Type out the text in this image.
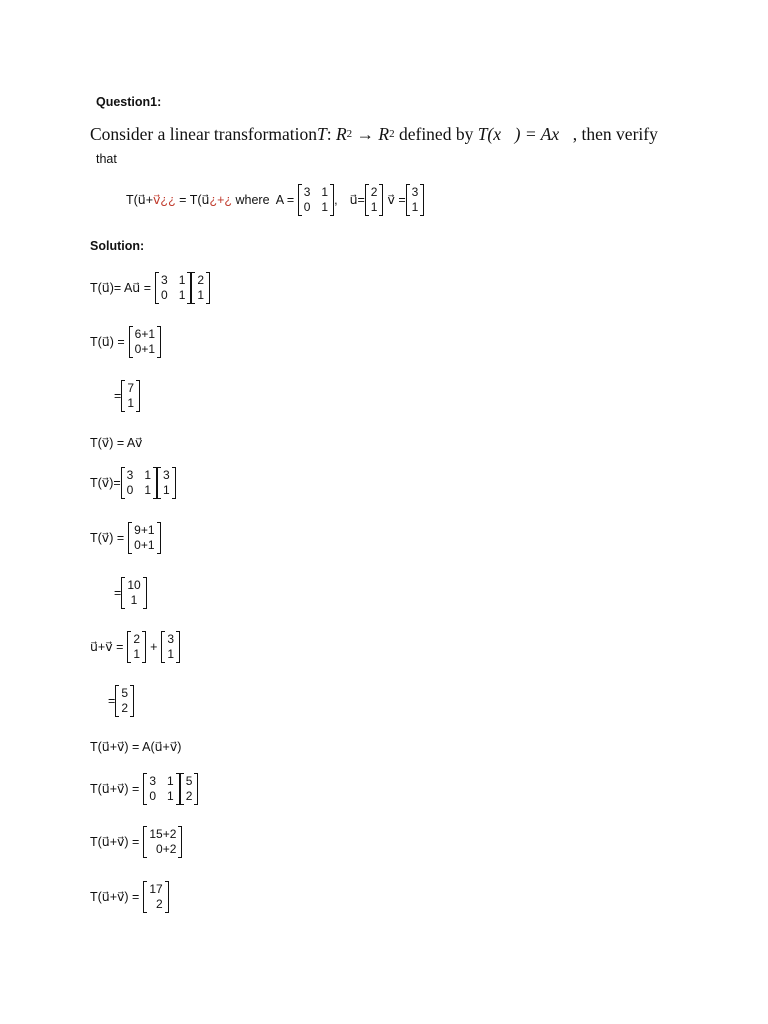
Question1:
Consider a linear transformation T : R 2 → R 2 defined by T(x⃗) = Ax⃗ , then verify
that
T(u⃗+ v⃗¿¿ = T(u⃗ ¿+¿ where  A =
3 1
0 1
, u⃗=
2
1
v⃗ =
3
1
Solution:
T(u⃗)= Au⃗ =
3 1
0 1
2
1
T(u⃗) =
6+1
0+1
=
7
1
T(v⃗) = Av⃗
T(v⃗)=
3 1
0 1
3
1
T(v⃗) =
9+1
0+1
=
10
1
u⃗+v⃗ =
2
1
+
3
1
=
5
2
T(u⃗+v⃗) = A(u⃗+v⃗)
T(u⃗+v⃗) =
3 1
0 1
5
2
T(u⃗+v⃗) =
15+2
0+2
T(u⃗+v⃗) =
17
2
